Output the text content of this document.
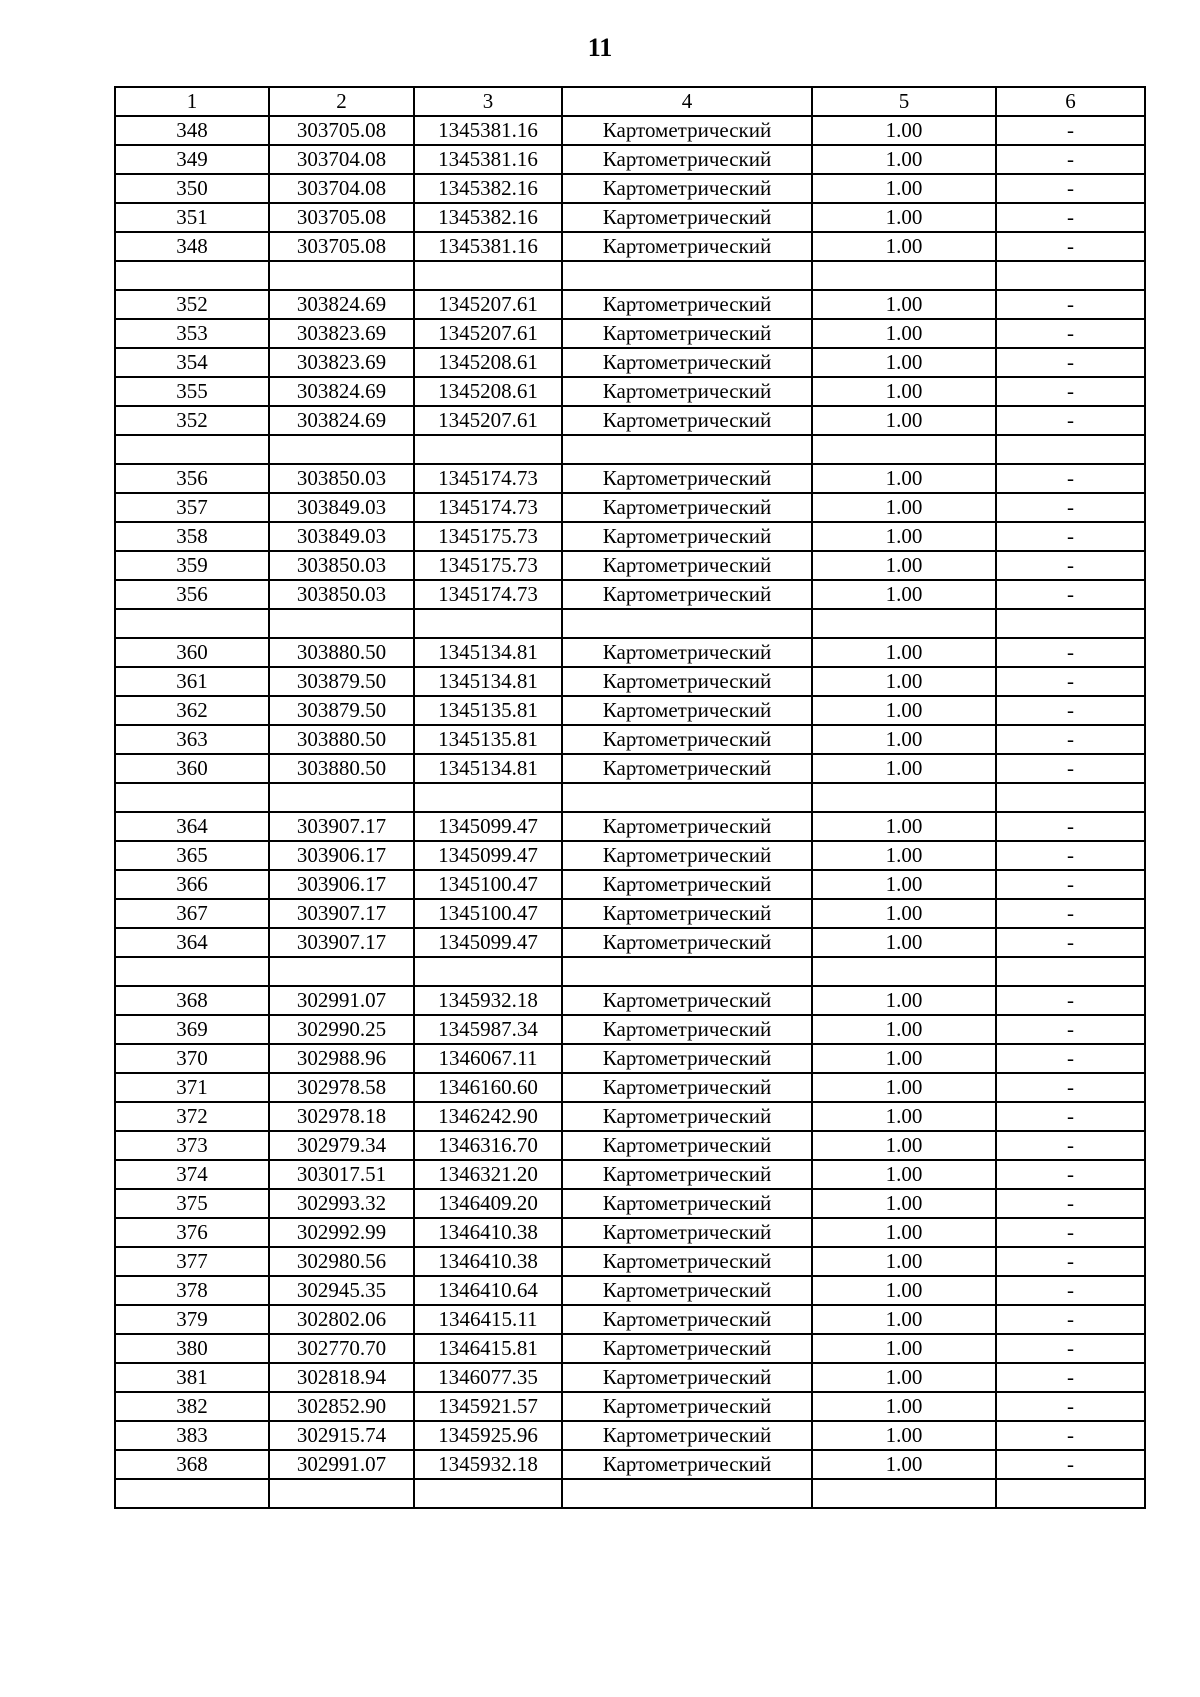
11
1	2	3	4	5	6
348	303705.08	1345381.16	Картометрический	1.00	-
349	303704.08	1345381.16	Картометрический	1.00	-
350	303704.08	1345382.16	Картометрический	1.00	-
351	303705.08	1345382.16	Картометрический	1.00	-
348	303705.08	1345381.16	Картометрический	1.00	-

352	303824.69	1345207.61	Картометрический	1.00	-
353	303823.69	1345207.61	Картометрический	1.00	-
354	303823.69	1345208.61	Картометрический	1.00	-
355	303824.69	1345208.61	Картометрический	1.00	-
352	303824.69	1345207.61	Картометрический	1.00	-

356	303850.03	1345174.73	Картометрический	1.00	-
357	303849.03	1345174.73	Картометрический	1.00	-
358	303849.03	1345175.73	Картометрический	1.00	-
359	303850.03	1345175.73	Картометрический	1.00	-
356	303850.03	1345174.73	Картометрический	1.00	-

360	303880.50	1345134.81	Картометрический	1.00	-
361	303879.50	1345134.81	Картометрический	1.00	-
362	303879.50	1345135.81	Картометрический	1.00	-
363	303880.50	1345135.81	Картометрический	1.00	-
360	303880.50	1345134.81	Картометрический	1.00	-

364	303907.17	1345099.47	Картометрический	1.00	-
365	303906.17	1345099.47	Картометрический	1.00	-
366	303906.17	1345100.47	Картометрический	1.00	-
367	303907.17	1345100.47	Картометрический	1.00	-
364	303907.17	1345099.47	Картометрический	1.00	-

368	302991.07	1345932.18	Картометрический	1.00	-
369	302990.25	1345987.34	Картометрический	1.00	-
370	302988.96	1346067.11	Картометрический	1.00	-
371	302978.58	1346160.60	Картометрический	1.00	-
372	302978.18	1346242.90	Картометрический	1.00	-
373	302979.34	1346316.70	Картометрический	1.00	-
374	303017.51	1346321.20	Картометрический	1.00	-
375	302993.32	1346409.20	Картометрический	1.00	-
376	302992.99	1346410.38	Картометрический	1.00	-
377	302980.56	1346410.38	Картометрический	1.00	-
378	302945.35	1346410.64	Картометрический	1.00	-
379	302802.06	1346415.11	Картометрический	1.00	-
380	302770.70	1346415.81	Картометрический	1.00	-
381	302818.94	1346077.35	Картометрический	1.00	-
382	302852.90	1345921.57	Картометрический	1.00	-
383	302915.74	1345925.96	Картометрический	1.00	-
368	302991.07	1345932.18	Картометрический	1.00	-
